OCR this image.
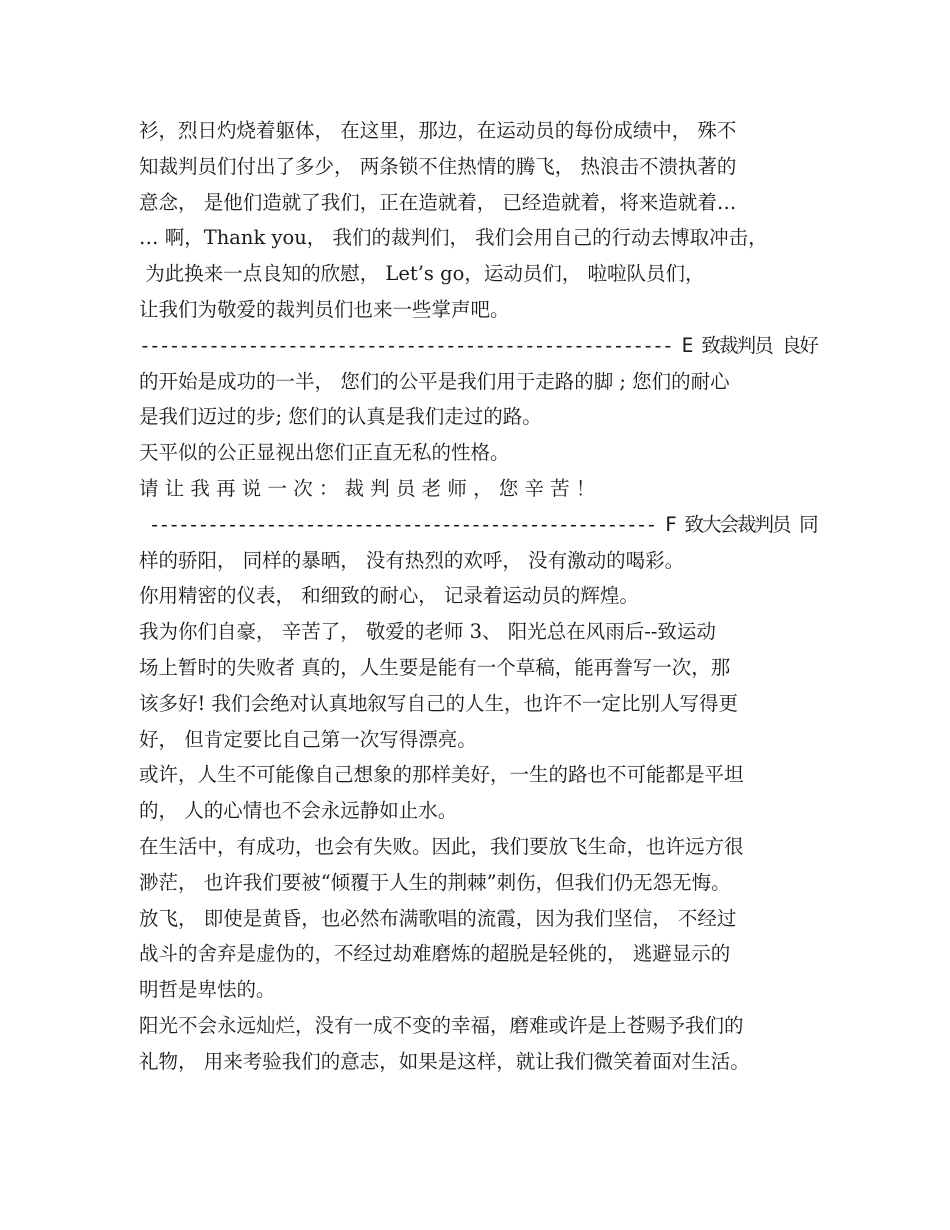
衫，烈日灼烧着躯体， 在这里，那边，在运动员的每份成绩中， 殊不
知裁判员们付出了多少， 两条锁不住热情的腾飞， 热浪击不溃执著的
意念， 是他们造就了我们，正在造就着， 已经造就着，将来造就着…
… 啊，Thank you， 我们的裁判们， 我们会用自己的行动去博取冲击，
为此换来一点良知的欣慰， Let’s go，运动员们， 啦啦队员们，
让我们为敬爱的裁判员们也来一些掌声吧。
------------------------------------------------------ E 致裁判员 良好
的开始是成功的一半， 您们的公平是我们用于走路的脚 ; 您们的耐心
是我们迈过的步; 您们的认真是我们走过的路。
天平似的公正显视出您们正直无私的性格。
请 让 我 再 说 一 次 ： 裁 判 员 老 师 ， 您 辛 苦 ！
---------------------------------------------------- F 致大会裁判员 同
样的骄阳， 同样的暴晒， 没有热烈的欢呼， 没有激动的喝彩。
你用精密的仪表， 和细致的耐心， 记录着运动员的辉煌。
我为你们自豪， 辛苦了， 敬爱的老师 3、 阳光总在风雨后--致运动
场上暂时的失败者 真的，人生要是能有一个草稿，能再誊写一次，那
该多好! 我们会绝对认真地叙写自己的人生，也许不一定比别人写得更
好， 但肯定要比自己第一次写得漂亮。
或许，人生不可能像自己想象的那样美好，一生的路也不可能都是平坦
的， 人的心情也不会永远静如止水。
在生活中，有成功，也会有失败。因此，我们要放飞生命，也许远方很
渺茫， 也许我们要被“倾覆于人生的荆棘”刺伤，但我们仍无怨无悔。
放飞， 即使是黄昏，也必然布满歌唱的流霞，因为我们坚信， 不经过
战斗的舍弃是虚伪的，不经过劫难磨炼的超脱是轻佻的， 逃避显示的
明哲是卑怯的。
阳光不会永远灿烂，没有一成不变的幸福，磨难或许是上苍赐予我们的
礼物， 用来考验我们的意志，如果是这样，就让我们微笑着面对生活。
